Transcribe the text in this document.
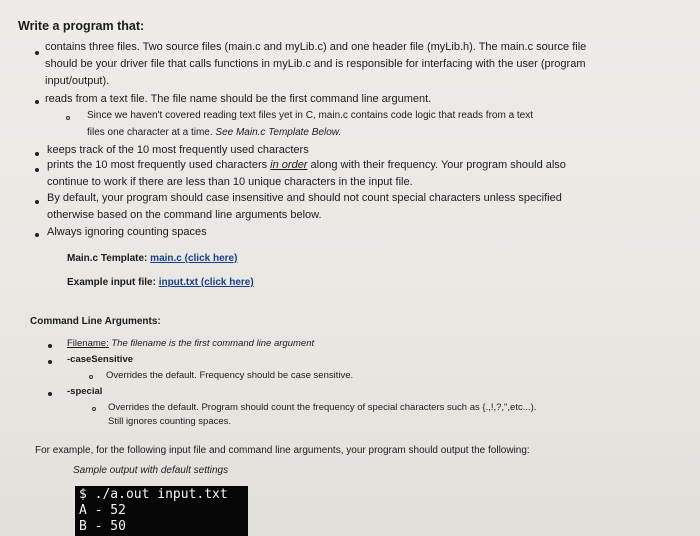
Write a program that:
contains three files. Two source files (main.c and myLib.c) and one header file (myLib.h). The main.c source file
should be your driver file that calls functions in myLib.c and is responsible for interfacing with the user (program
input/output).
reads from a text file. The file name should be the first command line argument.
Since we haven't covered reading text files yet in C, main.c contains code logic that reads from a text
files one character at a time. See Main.c Template Below.
keeps track of the 10 most frequently used characters
prints the 10 most frequently used characters in order along with their frequency. Your program should also
continue to work if there are less than 10 unique characters in the input file.
By default, your program should case insensitive and should not count special characters unless specified
otherwise based on the command line arguments below.
Always ignoring counting spaces
Main.c Template: main.c (click here)
Example input file: input.txt (click here)
Command Line Arguments:
Filename: The filename is the first command line argument
-caseSensitive
Overrides the default. Frequency should be case sensitive.
-special
Overrides the default. Program should count the frequency of special characters such as {.,!,?,",etc...).
Still ignores counting spaces.
For example, for the following input file and command line arguments, your program should output the following:
Sample output with default settings
$ ./a.out input.txt
A - 52
B - 50
